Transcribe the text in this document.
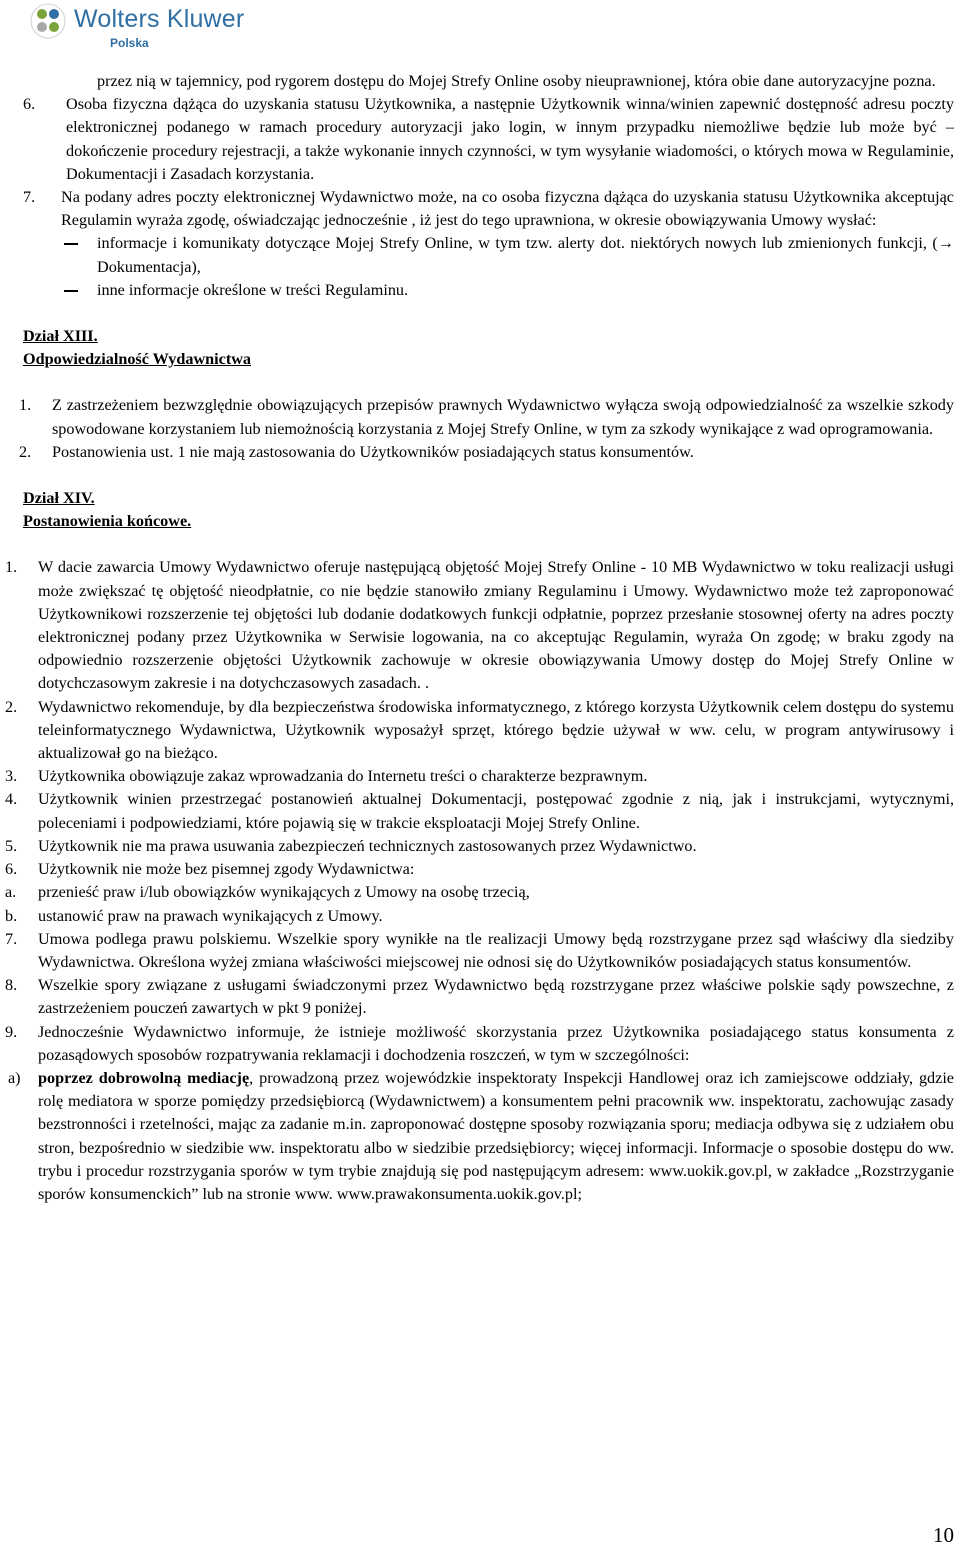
Wolters Kluwer
Polska
przez nią w tajemnicy, pod rygorem dostępu do Mojej Strefy Online osoby nieuprawnionej, która obie dane autoryzacyjne pozna.
6. Osoba fizyczna dążąca do uzyskania statusu Użytkownika, a następnie Użytkownik winna/winien zapewnić dostępność adresu poczty elektronicznej podanego w ramach procedury autoryzacji jako login, w innym przypadku niemożliwe będzie lub może być – dokończenie procedury rejestracji, a także wykonanie innych czynności, w tym wysyłanie wiadomości, o których mowa w Regulaminie, Dokumentacji i Zasadach korzystania.
7. Na podany adres poczty elektronicznej Wydawnictwo może, na co osoba fizyczna dążąca do uzyskania statusu Użytkownika akceptując Regulamin wyraża zgodę, oświadczając jednocześnie , iż jest do tego uprawniona, w okresie obowiązywania Umowy wysłać:
informacje i komunikaty dotyczące Mojej Strefy Online, w tym tzw. alerty dot. niektórych nowych lub zmienionych funkcji, (→ Dokumentacja),
inne informacje określone w treści Regulaminu.
Dział XIII.
Odpowiedzialność Wydawnictwa
1. Z zastrzeżeniem bezwzględnie obowiązujących przepisów prawnych Wydawnictwo wyłącza swoją odpowiedzialność za wszelkie szkody spowodowane korzystaniem lub niemożnością korzystania z Mojej Strefy Online, w tym za szkody wynikające z wad oprogramowania.
2. Postanowienia ust. 1 nie mają zastosowania do Użytkowników posiadających status konsumentów.
Dział XIV.
Postanowienia końcowe.
1. W dacie zawarcia Umowy Wydawnictwo oferuje następującą objętość Mojej Strefy Online - 10 MB Wydawnictwo w toku realizacji usługi może zwiększać tę objętość nieodpłatnie, co nie będzie stanowiło zmiany Regulaminu i Umowy. Wydawnictwo może też zaproponować Użytkownikowi rozszerzenie tej objętości lub dodanie dodatkowych funkcji odpłatnie, poprzez przesłanie stosownej oferty na adres poczty elektronicznej podany przez Użytkownika w Serwisie logowania, na co akceptując Regulamin, wyraża On zgodę; w braku zgody na odpowiednio rozszerzenie objętości Użytkownik zachowuje w okresie obowiązywania Umowy dostęp do Mojej Strefy Online w dotychczasowym zakresie i na dotychczasowych zasadach. .
2. Wydawnictwo rekomenduje, by dla bezpieczeństwa środowiska informatycznego, z którego korzysta Użytkownik celem dostępu do systemu teleinformatycznego Wydawnictwa, Użytkownik wyposażył sprzęt, którego będzie używał w ww. celu, w program antywirusowy i aktualizował go na bieżąco.
3. Użytkownika obowiązuje zakaz wprowadzania do Internetu treści o charakterze bezprawnym.
4. Użytkownik winien przestrzegać postanowień aktualnej Dokumentacji, postępować zgodnie z nią, jak i instrukcjami, wytycznymi, poleceniami i podpowiedziami, które pojawią się w trakcie eksploatacji Mojej Strefy Online.
5. Użytkownik nie ma prawa usuwania zabezpieczeń technicznych zastosowanych przez Wydawnictwo.
6. Użytkownik nie może bez pisemnej zgody Wydawnictwa:
a. przenieść praw i/lub obowiązków wynikających z Umowy na osobę trzecią,
b. ustanowić praw na prawach wynikających z Umowy.
7. Umowa podlega prawu polskiemu. Wszelkie spory wynikłe na tle realizacji Umowy będą rozstrzygane przez sąd właściwy dla siedziby Wydawnictwa. Określona wyżej zmiana właściwości miejscowej nie odnosi się do Użytkowników posiadających status konsumentów.
8. Wszelkie spory związane z usługami świadczonymi przez Wydawnictwo będą rozstrzygane przez właściwe polskie sądy powszechne, z zastrzeżeniem pouczeń zawartych w pkt 9 poniżej.
9. Jednocześnie Wydawnictwo informuje, że istnieje możliwość skorzystania przez Użytkownika posiadającego status konsumenta z pozasądowych sposobów rozpatrywania reklamacji i dochodzenia roszczeń, w tym w szczególności:
a) poprzez dobrowolną mediację, prowadzoną przez wojewódzkie inspektoraty Inspekcji Handlowej oraz ich zamiejscowe oddziały, gdzie rolę mediatora w sporze pomiędzy przedsiębiorcą (Wydawnictwem) a konsumentem pełni pracownik ww. inspektoratu, zachowując zasady bezstronności i rzetelności, mając za zadanie m.in. zaproponować dostępne sposoby rozwiązania sporu; mediacja odbywa się z udziałem obu stron, bezpośrednio w siedzibie ww. inspektoratu albo w siedzibie przedsiębiorcy; więcej informacji. Informacje o sposobie dostępu do ww. trybu i procedur rozstrzygania sporów w tym trybie znajdują się pod następującym adresem: www.uokik.gov.pl, w zakładce „Rozstrzyganie sporów konsumenckich” lub na stronie www. www.prawakonsumenta.uokik.gov.pl;
10
